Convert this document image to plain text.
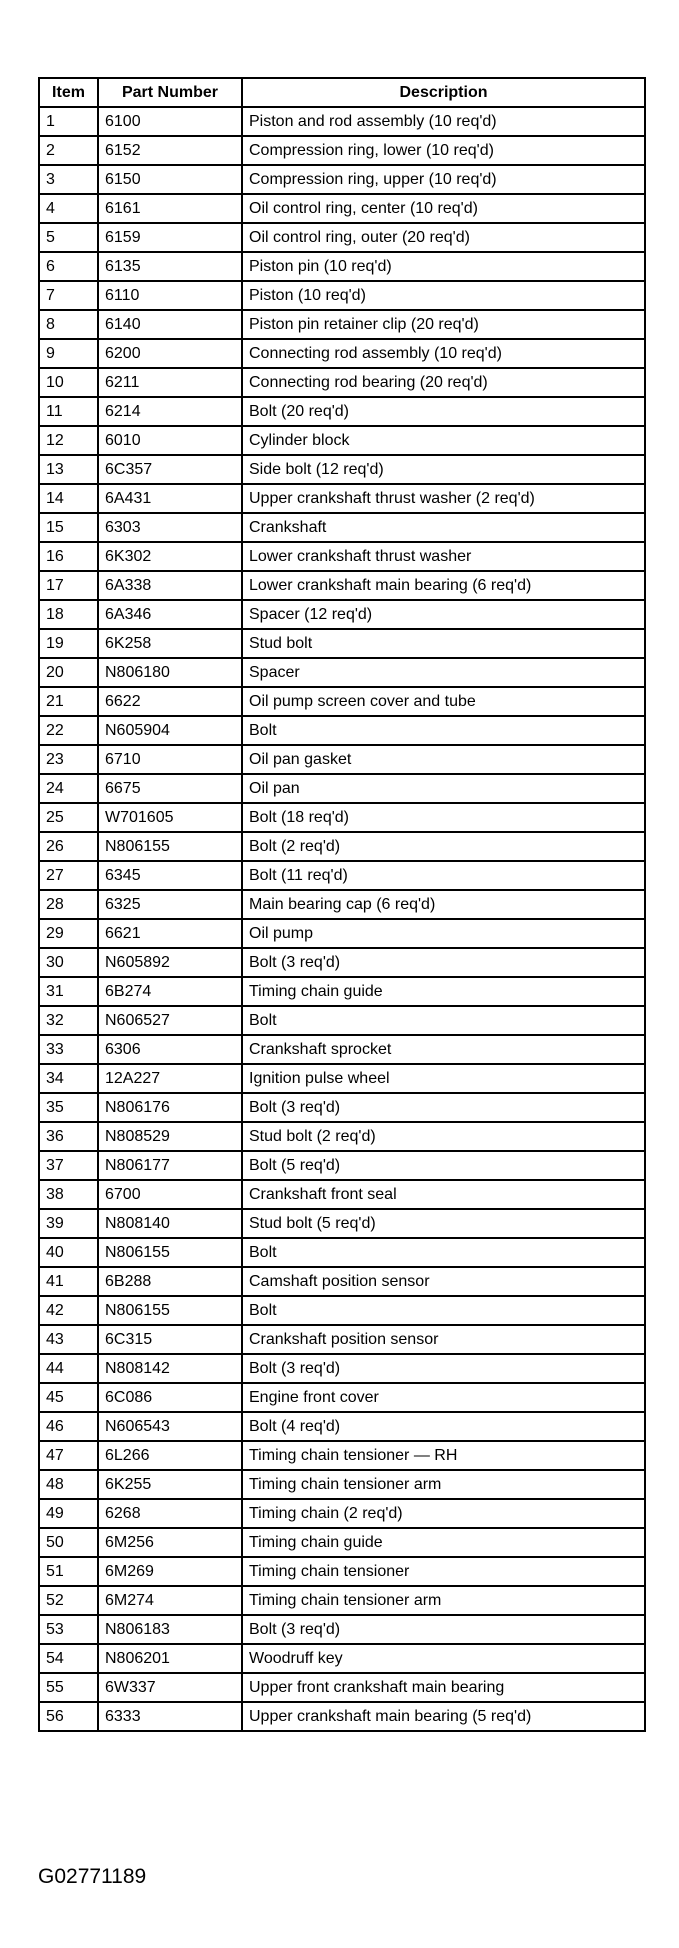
Item	Part Number	Description
1	6100	Piston and rod assembly (10 req'd)
2	6152	Compression ring, lower (10 req'd)
3	6150	Compression ring, upper (10 req'd)
4	6161	Oil control ring, center (10 req'd)
5	6159	Oil control ring, outer (20 req'd)
6	6135	Piston pin (10 req'd)
7	6110	Piston (10 req'd)
8	6140	Piston pin retainer clip (20 req'd)
9	6200	Connecting rod assembly (10 req'd)
10	6211	Connecting rod bearing (20 req'd)
11	6214	Bolt (20 req'd)
12	6010	Cylinder block
13	6C357	Side bolt (12 req'd)
14	6A431	Upper crankshaft thrust washer (2 req'd)
15	6303	Crankshaft
16	6K302	Lower crankshaft thrust washer
17	6A338	Lower crankshaft main bearing (6 req'd)
18	6A346	Spacer (12 req'd)
19	6K258	Stud bolt
20	N806180	Spacer
21	6622	Oil pump screen cover and tube
22	N605904	Bolt
23	6710	Oil pan gasket
24	6675	Oil pan
25	W701605	Bolt (18 req'd)
26	N806155	Bolt (2 req'd)
27	6345	Bolt (11 req'd)
28	6325	Main bearing cap (6 req'd)
29	6621	Oil pump
30	N605892	Bolt (3 req'd)
31	6B274	Timing chain guide
32	N606527	Bolt
33	6306	Crankshaft sprocket
34	12A227	Ignition pulse wheel
35	N806176	Bolt (3 req'd)
36	N808529	Stud bolt (2 req'd)
37	N806177	Bolt (5 req'd)
38	6700	Crankshaft front seal
39	N808140	Stud bolt (5 req'd)
40	N806155	Bolt
41	6B288	Camshaft position sensor
42	N806155	Bolt
43	6C315	Crankshaft position sensor
44	N808142	Bolt (3 req'd)
45	6C086	Engine front cover
46	N606543	Bolt (4 req'd)
47	6L266	Timing chain tensioner — RH
48	6K255	Timing chain tensioner arm
49	6268	Timing chain (2 req'd)
50	6M256	Timing chain guide
51	6M269	Timing chain tensioner
52	6M274	Timing chain tensioner arm
53	N806183	Bolt (3 req'd)
54	N806201	Woodruff key
55	6W337	Upper front crankshaft main bearing
56	6333	Upper crankshaft main bearing (5 req'd)
G02771189
